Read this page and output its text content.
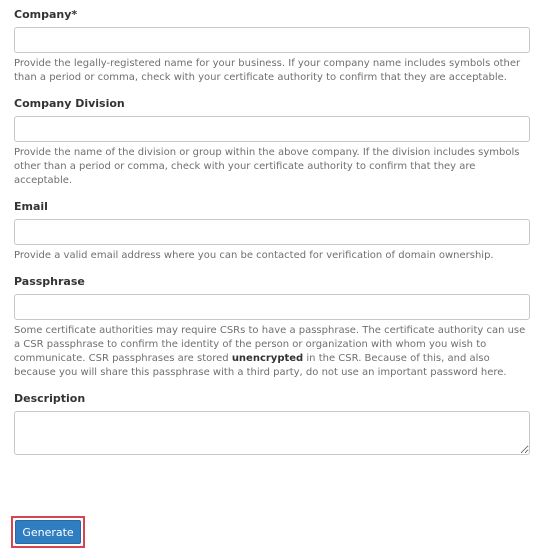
Company*
Provide the legally-registered name for your business. If your company name includes symbols other than a period or comma, check with your certificate authority to confirm that they are acceptable.
Company Division
Provide the name of the division or group within the above company. If the division includes symbols other than a period or comma, check with your certificate authority to confirm that they are acceptable.
Email
Provide a valid email address where you can be contacted for verification of domain ownership.
Passphrase
Some certificate authorities may require CSRs to have a passphrase. The certificate authority can use a CSR passphrase to confirm the identity of the person or organization with whom you wish to communicate. CSR passphrases are stored unencrypted in the CSR. Because of this, and also because you will share this passphrase with a third party, do not use an important password here.
Description
Generate
